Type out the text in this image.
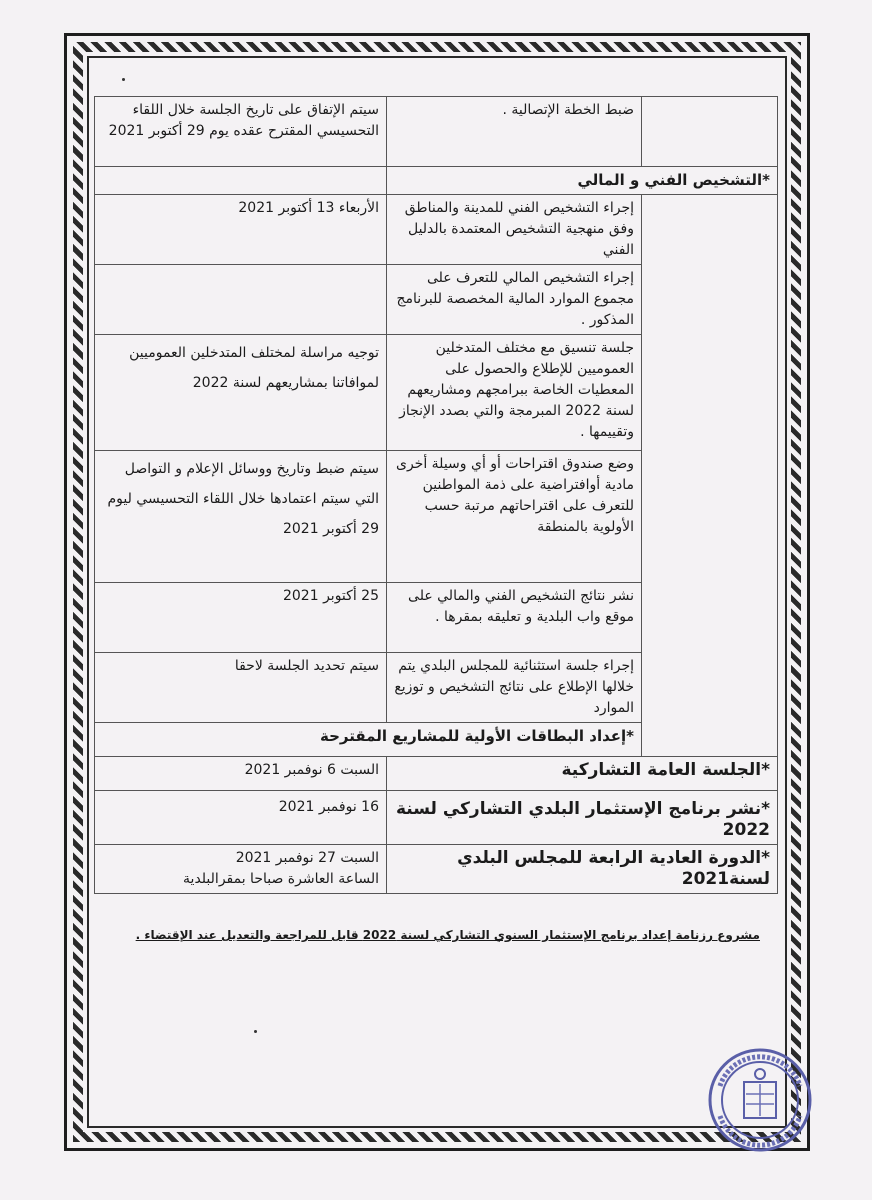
	ضبط الخطة الإتصالية .	سيتم الإتفاق على تاريخ الجلسة خلال اللقاء التحسيسي المقترح عقده يوم 29 أكتوبر 2021	
*التشخيص الفني و المالي			
	إجراء التشخيص الفني للمدينة والمناطق وفق منهجية التشخيص المعتمدة بالدليل الفني	الأربعاء 13 أكتوبر 2021	
	إجراء التشخيص المالي للتعرف على مجموع الموارد المالية المخصصة للبرنامج المذكور .		
	جلسة تنسيق مع مختلف المتدخلين العموميين للإطلاع والحصول على المعطيات الخاصة ببرامجهم ومشاريعهم لسنة 2022 المبرمجة والتي بصدد الإنجاز وتقييمها .	توجيه مراسلة لمختلف المتدخلين العموميين لموافاتنا بمشاريعهم لسنة 2022	
	وضع صندوق اقتراحات أو أي وسيلة أخرى مادية أوافتراضية على ذمة المواطنين للتعرف على اقتراحاتهم مرتبة حسب الأولوية بالمنطقة	سيتم ضبط وتاريخ ووسائل الإعلام و التواصل التي سيتم اعتمادها خلال اللقاء التحسيسي ليوم 29 أكتوبر 2021	
	نشر نتائج التشخيص الفني والمالي على موقع واب البلدية و تعليقه بمقرها .	25 أكتوبر 2021	
	إجراء جلسة استثنائية للمجلس البلدي يتم خلالها الإطلاع على نتائج التشخيص و توزيع الموارد	سيتم تحديد الجلسة لاحقا	
	*إعداد البطاقات الأولية للمشاريع المقترحة		
*الجلسة العامة التشاركية		السبت 6 نوفمبر 2021	
*نشر برنامج الإستثمار البلدي التشاركي لسنة 2022		16 نوفمبر 2021	
*الدورة العادية الرابعة للمجلس البلدي لسنة2021		السبت 27 نوفمبر 2021
الساعة العاشرة صباحا بمقرالبلدية	
مشروع رزنامة إعداد برنامج الإستثمار السنوي التشاركي لسنة 2022 قابل للمراجعة والتعديل عند الإقتضاء .
